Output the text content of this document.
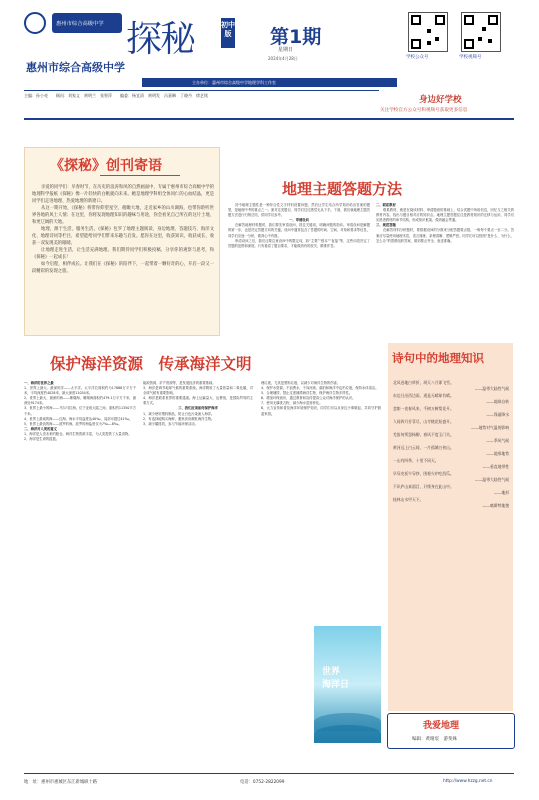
惠州市综合高级中学 探秘	初中版 第1期
星期日
2024年4月28日
惠州市综合高级中学
主办单位：惠州市综合高级中学地理学科工作室
学校公众号	学校视频号
主编：孙小亮　　顾问：刘家义　黄明兰　张智萍　　编委：杨宜清　黄明发　冯嘉琳　丁晓丹　徐艺铭	身边好学校
关注学校官方公众号和视频号获取更多信息
《探秘》创刊寄语

亲爱的同学们：早春时节，在历史的浪涛和风的自然画面中，专属于惠州市综合高级中学的地理科学报纸《探秘》像一片轻快的白帆驶向未来。她是地理学科组全体同仁的心血结晶，更是同学们走进地理、热爱地理的新窗口。

从这一期开始，《探秘》将带你仰望星空、俯瞰大地，走近家乡的山川湖海，也带你聆听世界各地的风土人情；在这里，你将发现地理知识的趣味与用途，你会看见自己所在的这片土地，和更辽阔的天地。

地理，源于生活，服务生活。《探秘》包罗了地理主题阅读、身边地理、答题技巧、海洋文化、地理诗词等栏目，希望能给同学们带来乐趣与启发。愿你在这里，收获知识，收获成长，收获一双发现美的眼睛。

让地理走进生活，让生活充满地理。我们期待同学们积极投稿，分享你的观察与思考，和《探秘》一起成长！

如今启程，相伴成长。让我们在《探秘》的陪伴下，一起带着一颗好奇的心，开启一段又一段精彩的发现之旅。

地理主题答题方法

初中地理主题性是一种综合性文字材料设置问题，然后让学生结合所学知识给出答案的题型，是地理中考的重点之一。面对这类题目，同学们往往感觉无从下手。下面，我们就地理主题答题方法进行归纳总结，供同学们参考。

一、审清设问

在解答地理材料题时，我们要先审清设问，抓住关键词，明确问题的指向。审清设问是解题的第一步，也是决定答题方向的关键。设问中通常包含了答题的时间、空间、对象和要求等信息，同学们应逐一分析，做到心中有数。

审清设问之后，我们还要注意设问中的限定词，如“主要”“根本”“直接”等，这些词语决定了答题的范围和深度。只有看清了题目要求，才能做到有的放矢、精准作答。

二、联系教材

联系教材，就是在阅读材料、审清题意的基础上，结合试题中所给信息，回忆与之相关的教材内容，找出与题目相对应的知识点。地理主题答题往往是教材知识的迁移与运用，同学们应熟悉教材的章节结构，形成知识框架，做到融会贯通。

三、规范答题

在解答材料分析题时，要根据设问的分数来分配答题要点数，一般每个要点一至二分。答案应尽量使用地理术语，语言简练、条理清晰、逻辑严密。同学们可以按照“是什么、为什么、怎么办”的思路组织答案，做到要点齐全、表述准确。

保护海洋资源　传承海洋文明

一、海洋的世界之最

1、世界上最大、最深的洋——太平洋。太平洋总面积约为17868万平方千米，平均深度约4028米，最大深度11034米。

2、世界上最大、最深的海——珊瑚海。珊瑚海面积约479.1万平方千米，最深处9174米。

3、世界上最小的海——马尔马拉海。位于亚欧大陆之间，面积约11350平方千米。

4、世界上最咸的海——红海。海水平均盐度达40‰，局部可超过41‰。

5、世界上最淡的海——波罗的海。波罗的海盐度仅为7‰—8‰。

二、海洋对人类的意义

1、海洋是人类未来的粮仓。海洋生物资源丰富，为人类提供了大量食物。

2、海洋是生命的摇篮。

能源资源、矿产资源等，是发展经济的重要基础。

3、海洋是调节地球气候的重要系统。海洋吸收了大量热量和二氧化碳，对全球气候有重要影响。

4、海洋是联系世界的重要通道。海上运输量大、运费低，是国际贸易的主要方式。

三、我们应该如何保护海洋

1、减少使用塑料制品，防止白色污染流入海洋。

2、有选择地购买海鲜，避免食用濒危海洋生物。

3、减少碳排放，参与节能环保活动。

理垃圾，尤其是塑料垃圾，以减少对海洋生物的伤害。

4、保护水资源，不浪费水，不向河流、湖泊和海洋中乱扔垃圾，保持水体清洁。

5、合理捕捞，禁止过度捕捞海洋生物，保护海洋生物多样性。

6、增加环保意识，通过教育和宣传提高公众对海洋保护的认识。

7、使用无磷洗衣粉，减少海水富营养化。

8、大力宣传和普及海洋环境保护知识，同学们可以从身边小事做起，共同守护蔚蓝家园。

世界
海洋日
诗句中的地理知识
北风卷地白草折，胡天八月即飞雪。
——温带大陆性气候
东边日出西边雨，道是无晴却有晴。
——地球自转
忽如一夜春风来，千树万树梨花开。
——锋面降水
人间四月芳菲尽，山寺桃花始盛开。
——地势对气温的影响
羌笛何须怨杨柳，春风不度玉门关。
——季风气候
黄河远上白云间，一片孤城万仞山。
——地形地势
一山有四季，十里不同天。
——垂直地带性
早穿皮袄午穿纱，围着火炉吃西瓜。
——温带大陆性气候
不识庐山真面目，只缘身在此山中。
——地形
桂林山水甲天下。
——喀斯特地貌
我爱地理
编辑：黄晴宸　游斐姝
地　址：惠州市惠城区东江新城纵十路	电话：0752-2822099	http://www.hzzg.net.cn
